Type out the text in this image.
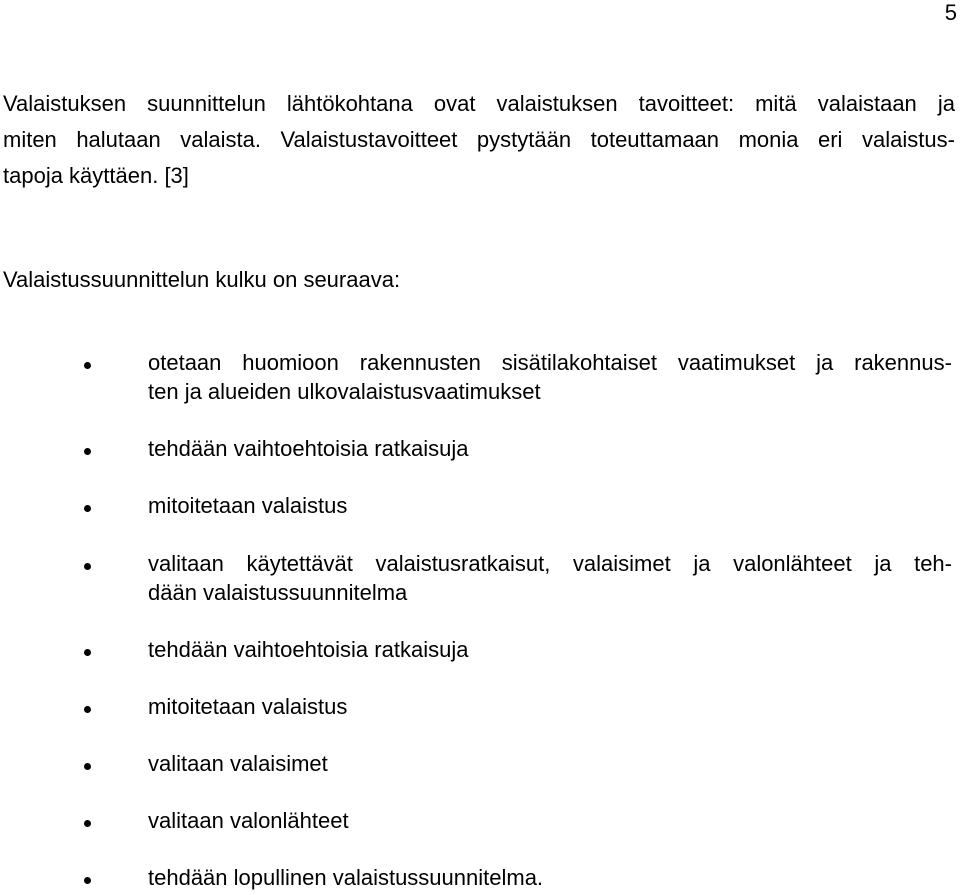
5

Valaistuksen suunnittelun lähtökohtana ovat valaistuksen tavoitteet: mitä valaistaan ja
miten halutaan valaista. Valaistustavoitteet pystytään toteuttamaan monia eri valaistus-
tapoja käyttäen. [3]

Valaistussuunnittelun kulku on seuraava:

otetaan huomioon rakennusten sisätilakohtaiset vaatimukset ja rakennus-
ten ja alueiden ulkovalaistusvaatimukset
tehdään vaihtoehtoisia ratkaisuja
mitoitetaan valaistus
valitaan käytettävät valaistusratkaisut, valaisimet ja valonlähteet ja teh-
dään valaistussuunnitelma
tehdään vaihtoehtoisia ratkaisuja
mitoitetaan valaistus
valitaan valaisimet
valitaan valonlähteet
tehdään lopullinen valaistussuunnitelma.
